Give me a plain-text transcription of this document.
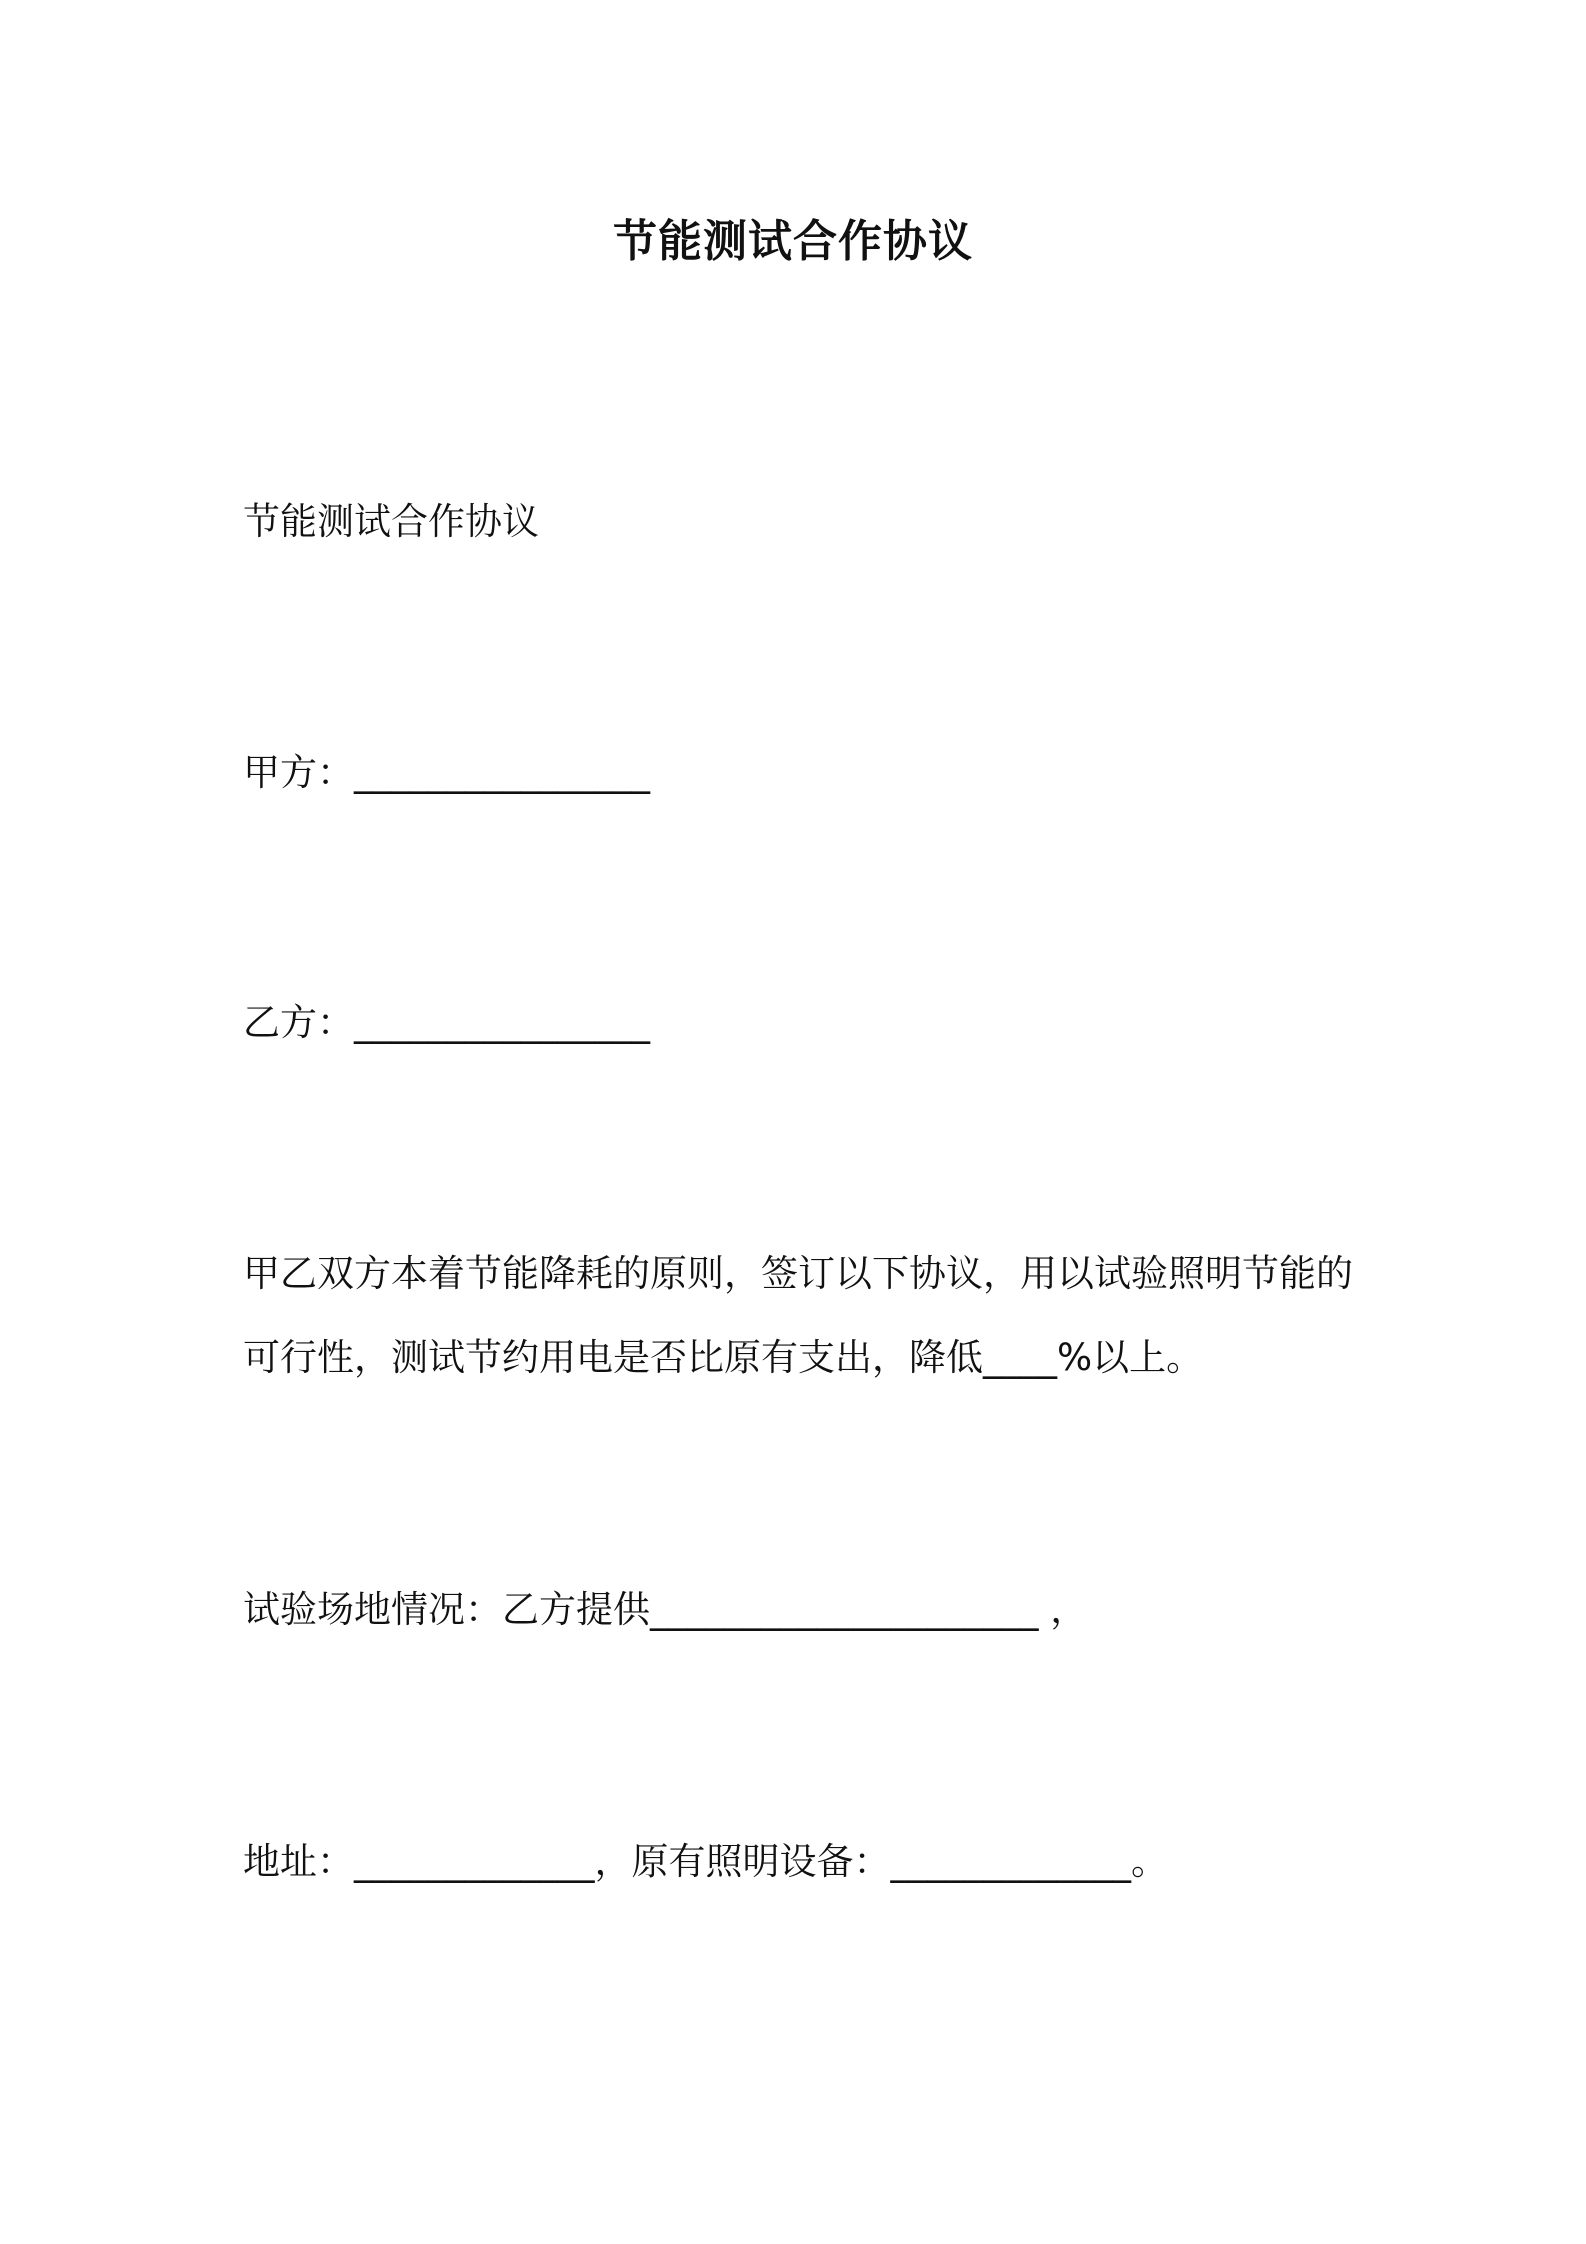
节能测试合作协议
节能测试合作协议
甲方：________________
乙方：________________
甲乙双方本着节能降耗的原则，签订以下协议，用以试验照明节能的可行性，测试节约用电是否比原有支出，降低____%以上。
试验场地情况：乙方提供_____________________ ，
地址：_____________，原有照明设备：_____________。
